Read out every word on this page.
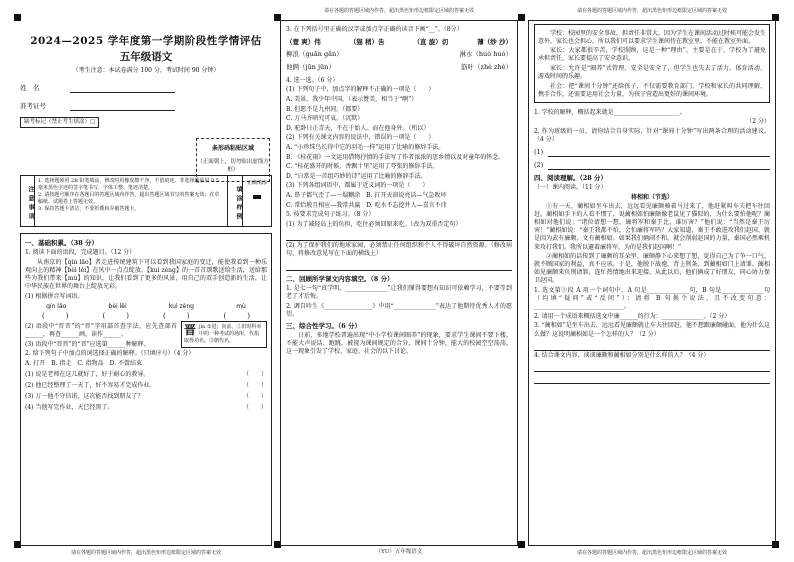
2024—2025 学年度第一学期阶段性学情评估
五年级语文
（考生注意：本试卷满分 100 分，考试时间 90 分钟）
姓　名
准考证号
缺考标记（禁止考生填涂）□
条形码粘贴区域
（正面朝上，切勿贴出虚线方框）
注意事项
1. 选择题须用 2B 铅笔填涂，修改时用橡皮擦干净，不留痕迹。非选择题须用 0.5 毫米黑色字迹的签字笔书写，字体工整、笔迹清楚。
2. 请按题号顺序在各题目的答题区域内作答，超出答题区域书写的答案无效；在草稿纸、试题卷上答题无效。
3. 保持答题卡清洁，不要折叠和弄破答题卡。	填涂样例
正确填涂
一、基础积累。（38 分）
1. 阅读下面的语段，完成题目。（12 分）
从南京的【qín lǎo】者走进传统建筑下可以看到我国家庭的变迁，能使我看到一种乐观向上的精神【bèi lěi】在风中一点点绽放。【kuì zèng】的一首首颂歌送给生活，送给那些为我们带来【mù】的知识，让我们看到了更多的风景，用自己的双手创造新的生活，让中华民族在世界的舞台上绽放光彩。
(1) 根据拼音写词语。
qín lǎo	bèi lěi	kuì zèng	mù
(　　　)	(　　　)	(　　　)	(　　　)
晋 jìn ①进；向前。②旧时科举中的一种考试的场所，代指取得功名。③朝代名。
(2) 语段中“晋晋”的“晋”字用部首查字法，应先查部首______，再查______画，读作______。
(3) 语段中“晋晋”的“晋”应选第______种解释。
2. 给下列句子中加点的词选择正确的解释。（只填序号）（4 分）
A. 打开　B. 指走　C. 指物品　D. 不曾结束
(1) 说是老师在这儿就好了，好于耐心的教导。	（　　）
(2) 他已经整理了一天了，好不容易才完成作业。	（　　）
(3) 万一他不守信诺，这次能否找到朋友了？	（　　）
(4) 当他写完作业，天已经黑了。	（　　）
请在各题的答题区域内作答，超出黑色矩形边框限定区域的答案无效
请在各题的答题区域内作答，超出黑色矩形边框限定区域的答案无效
3. 在下列括号里正确的汉字或加点字正确的读音下画“__”。（8分）
（壹 爽）伟	（猫 稍）吿	（直 旋）切	薄（纱 沙）
柳浪（guān gǎn）	淋水（huò huó）
他俩（jūn jūn）	筋叶（zhè zhè）
4. 选一选。（6 分）
(1) 下列句子中，加点字的解释不正确的一项是（　　）
A. 美景，我少年中国。（表示赞美，相当于“啊”）
B. 但愿不是九州同。（都要）
C. 万马齐喑究可哀。（沉默）
D. 驼卧日正青天，不在于始人。而在他身外。（所以）
(2) 下列有关课文内容的说法中，错误的一项是（　　）
A. “小珍珠鸟长得中它的羽毛一样”运用了比喻的修辞手法。
B. 《桂花雨》一文运用借物抒情的手法写了作者浓浓的思乡情以及对童年的怀念。
C. “桂花盛开的时候，香飘十里”运用了夸张的修辞手法。
D. “日常是一首组巧妙的诗”运用了比喻的修辞手法。
(3) 下列各组词语中，都属于近义词的一项是（　　）
A. 鼻子都气歪了—一塌糊涂　B. 打开天窗说亮话—气急败坏
C. 常恰般且相应—我常共赢　D. 吃水不忘挖井人—喜言不讳
5. 按要求完成句子练习。（8 分）
(1) 为了减轻岛上的负担，吃住必须回原来吃。（改为双重否定句）
(2) 为了保护我们的地球家园，必须禁止任何组织和个人不得破坏自然资源。（修改病句，将修改意见写在下面的横线上）
二、回顾所学课文内容填空。（8 分）
1. 是七一句“真学明，______________”让我们懂得要想有知识可依赖学习，不要等到老了才后悔。
2. 调自吟生《________________》中用“______________”表达了他期待优秀人才的愿望。
三、综合性学习。（6 分）
日前，多地学校普遍出现“中小学校课间圈养”的现象，要求学生课间不要下楼，不能大声说话、跑跳，被视为课间规定的合分，课间十分钟，能大的校园空空荡荡，这一现象引发了学校、家庭、社会的以下讨论。
（YU）五年级语文
请在各题的答题区域内作答，超出黑色矩形边框限定区域的答案无效
学校：校园里的安全事故，担责任非常大，因为学生在课间活动过时候可能会发生意外，家长也会担心，所以我们可以要求学生课间待在教室里，不能在教室外面。
家长：大家都很辛苦，学校照顾，这是一种“理由”，主要是在于，学校为了避免承担责任，家长要提高了安全意识。
家长：允许是“圈养”式管理，安全是安全了，但学生也失去了活力，体育活动、游戏时间的乐趣。
社会：把“课间十分钟”还给孩子，不仅需要教育部门、学校和家长的共同理解、携手合作，还需要运用社会力量，为孩子营造出更好的课间环境。
1. 学校的解释，概括起来就是______________________。
（2 分）
2. 作为班级的一员，请你结合自身实际，针对“课间十分钟”写出两条合理的活动建议。（4 分）
(1)
(2)
四、阅读理解。（28 分）
（一）课内阅读。（11 分）
将相和（节选）
①有一天，蔺相如坐车出去，远远看见廉颇骑着马过来了，他赶紧叫车夫把车往回赶。蔺相如手下的人看不惯了，说蔺相如怕廉颇像老鼠见了猫似的，为什么要怕他呢？蔺相如对他们说：“诸位请想一想，廉将军和秦王比，谁厉害？”他们说：“当然是秦王厉害！”蔺相如说：“秦王我都不怕，会怕廉将军吗？大家知道，秦王不敢进攻我们赵国，就是因为武有廉颇，文有蔺相如。如果我们俩闹不和，就会削弱赵国的力量，秦国必然乘机来攻打我们。我所以避着廉将军，为的是我们赵国啊！”
②蔺相如的话传到了廉颇的耳朵里。廉颇静下心来想了想，觉得自己为了争一口气，就不顾国家的利益，真不应该。于是，他脱下战袍，背上荆条，到蔺相如门上请罪。蔺相如见廉颇来负荆请罪，连忙热情地出来迎接。从此以后，他们俩成了好朋友，同心协力保卫赵国。
1. 选文第①段 A 用一个词句中，A 句是______________句，B 句是______________句（均填“疑问”或“反问”）；请将 B 句换个说法，且不改变句意：______________________________。
2. 请用一个成语来概括选文中廉______的行为：______________。（2 分）
3. “蔺相如”是坐车出去，远远看见廉颇就让车夫往回赶，他不想跟廉颇碰面，他为什么这么做？这说明蔺相如是一个怎样的人？（2 分）
4. 结合课文内容，谈谈廉颇和蔺相如分别是什么样的人？（4 分）
请在各题的答题区域内作答，超出黑色矩形边框限定区域的答案无效
